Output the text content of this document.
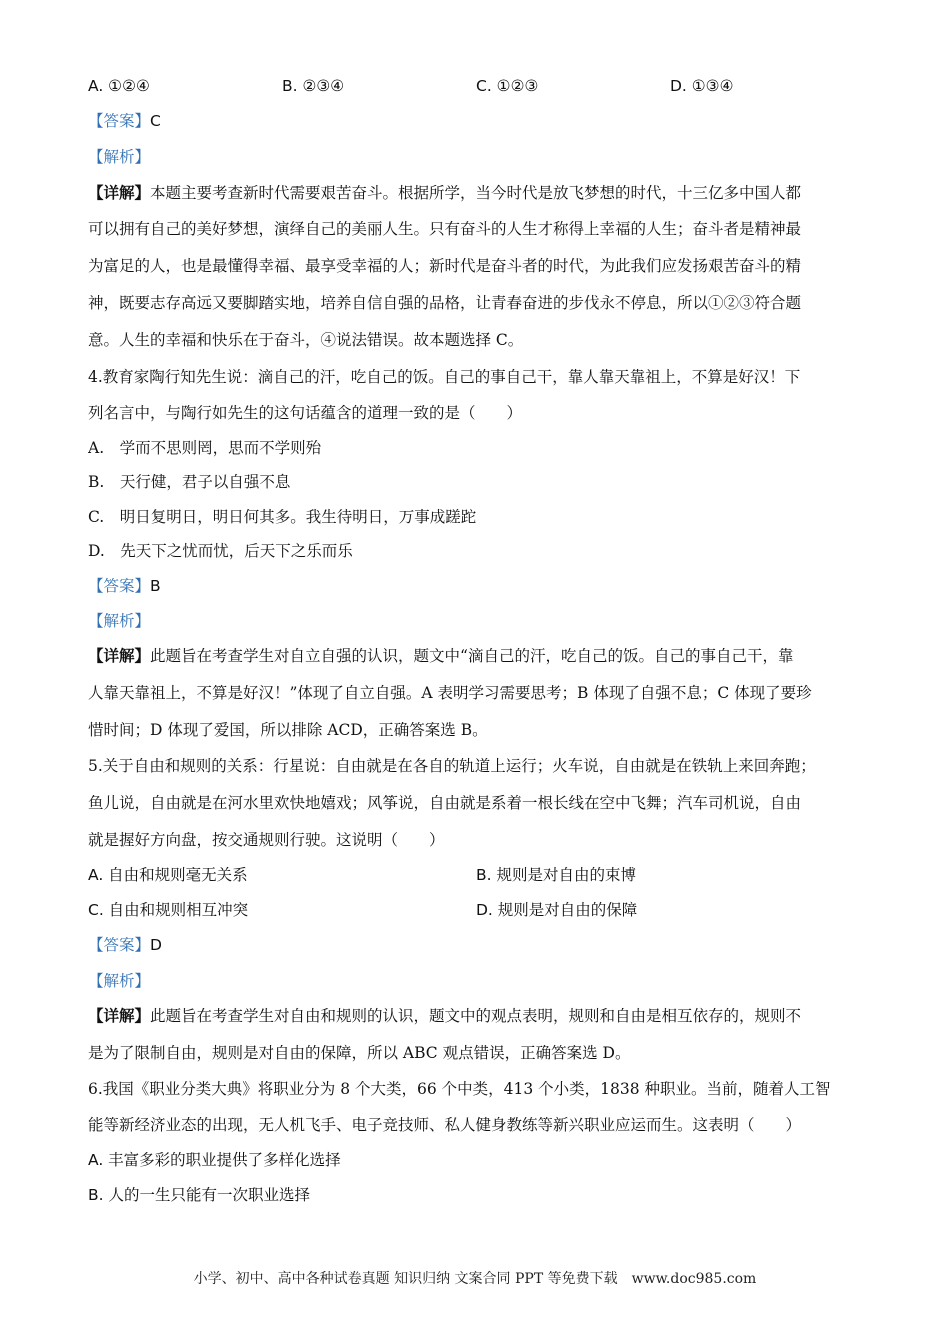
A. ①②④	B. ②③④	C. ①②③	D. ①③④
【答案】C
【解析】
【详解】本题主要考查新时代需要艰苦奋斗。根据所学，当今时代是放飞梦想的时代，十三亿多中国人都
可以拥有自己的美好梦想，演绎自己的美丽人生。只有奋斗的人生才称得上幸福的人生；奋斗者是精神最
为富足的人，也是最懂得幸福、最享受幸福的人；新时代是奋斗者的时代，为此我们应发扬艰苦奋斗的精
神，既要志存高远又要脚踏实地，培养自信自强的品格，让青春奋进的步伐永不停息，所以①②③符合题
意。人生的幸福和快乐在于奋斗，④说法错误。故本题选择 C。
4.教育家陶行知先生说：滴自己的汗，吃自己的饭。自己的事自己干，靠人靠天靠祖上，不算是好汉！下
列名言中，与陶行如先生的这句话蕴含的道理一致的是（　　）
A.　学而不思则罔，思而不学则殆
B.　天行健，君子以自强不息
C.　明日复明日，明日何其多。我生待明日，万事成蹉跎
D.　先天下之忧而忧，后天下之乐而乐
【答案】B
【解析】
【详解】此题旨在考查学生对自立自强的认识，题文中“滴自己的汗，吃自己的饭。自己的事自己干，靠
人靠天靠祖上，不算是好汉！”体现了自立自强。A 表明学习需要思考；B 体现了自强不息；C 体现了要珍
惜时间；D 体现了爱国，所以排除 ACD，正确答案选 B。
5.关于自由和规则的关系：行星说：自由就是在各自的轨道上运行；火车说，自由就是在铁轨上来回奔跑；
鱼儿说，自由就是在河水里欢快地嬉戏；风筝说，自由就是系着一根长线在空中飞舞；汽车司机说，自由
就是握好方向盘，按交通规则行驶。这说明（　　）
A. 自由和规则毫无关系	B. 规则是对自由的束博
C. 自由和规则相互冲突	D. 规则是对自由的保障
【答案】D
【解析】
【详解】此题旨在考查学生对自由和规则的认识，题文中的观点表明，规则和自由是相互依存的，规则不
是为了限制自由，规则是对自由的保障，所以 ABC 观点错误，正确答案选 D。
6.我国《职业分类大典》将职业分为 8 个大类，66 个中类，413 个小类，1838 种职业。当前，随着人工智
能等新经济业态的出现，无人机飞手、电子竞技师、私人健身教练等新兴职业应运而生。这表明（　　）
A. 丰富多彩的职业提供了多样化选择
B. 人的一生只能有一次职业选择
小学、初中、高中各种试卷真题 知识归纳 文案合同 PPT 等免费下载　www.doc985.com
